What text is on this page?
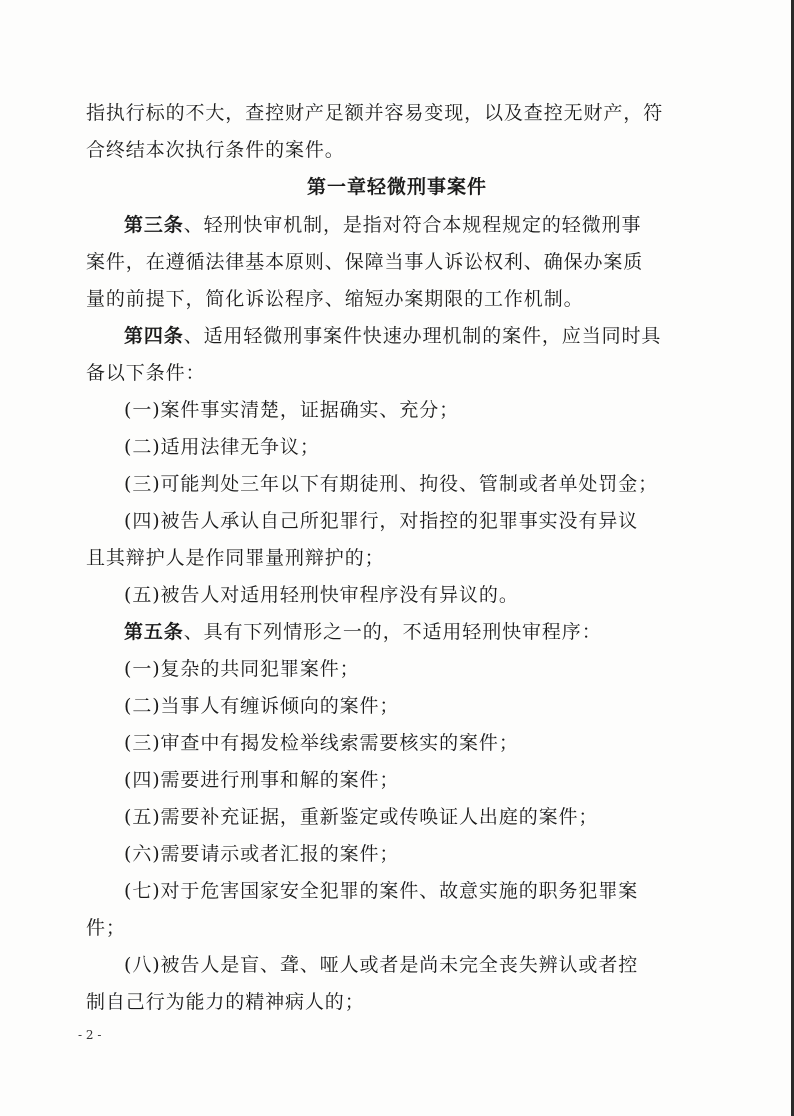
指执行标的不大，查控财产足额并容易变现，以及查控无财产，符
合终结本次执行条件的案件。
第一章轻微刑事案件
第三条、轻刑快审机制，是指对符合本规程规定的轻微刑事
案件，在遵循法律基本原则、保障当事人诉讼权利、确保办案质
量的前提下，简化诉讼程序、缩短办案期限的工作机制。
第四条、适用轻微刑事案件快速办理机制的案件，应当同时具
备以下条件：
(一)案件事实清楚，证据确实、充分；
(二)适用法律无争议；
(三)可能判处三年以下有期徒刑、拘役、管制或者单处罚金；
(四)被告人承认自己所犯罪行，对指控的犯罪事实没有异议
且其辩护人是作同罪量刑辩护的；
(五)被告人对适用轻刑快审程序没有异议的。
第五条、具有下列情形之一的，不适用轻刑快审程序：
(一)复杂的共同犯罪案件；
(二)当事人有缠诉倾向的案件；
(三)审查中有揭发检举线索需要核实的案件；
(四)需要进行刑事和解的案件；
(五)需要补充证据，重新鉴定或传唤证人出庭的案件；
(六)需要请示或者汇报的案件；
(七)对于危害国家安全犯罪的案件、故意实施的职务犯罪案
件；
(八)被告人是盲、聋、哑人或者是尚未完全丧失辨认或者控
制自己行为能力的精神病人的；
- 2 -
